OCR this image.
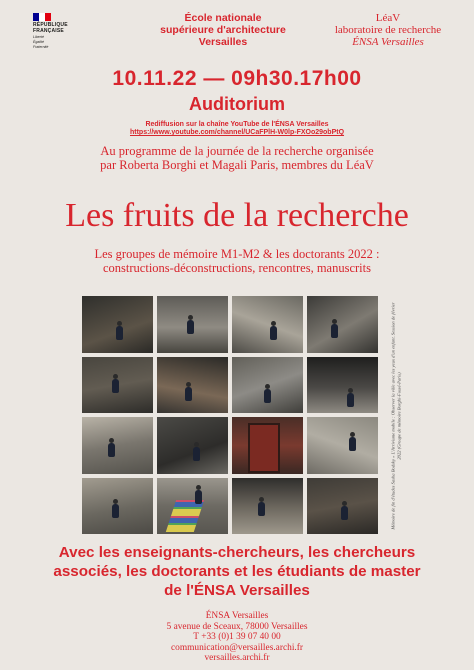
RÉPUBLIQUE
FRANÇAISE
Liberté
Égalité
Fraternité
École nationale
supérieure d'architecture
Versailles
LéaV
laboratoire de recherche
ÉNSA Versailles
10.11.22 — 09h30.17h00
Auditorium
Rediffusion sur la chaîne YouTube de l'ÉNSA Versailles
https://www.youtube.com/channel/UCaFPlH-W0lp-FXOo29obPtQ
Au programme de la journée de la recherche organisée
par Roberta Borghi et Magali Paris, membres du LéaV
Les fruits de la recherche
Les groupes de mémoire M1-M2 & les doctorants 2022 :
constructions-déconstructions, rencontres, manuscrits
Mémoire de fin d'études Sasha Bodsky « L'Arrivisme mobile : Observer la ville avec les yeux d'un enfant. Session de février 2022 (Groupe de mémoire Borghi-Fossé-Paris)
Avec les enseignants-chercheurs, les chercheurs
associés, les doctorants et les étudiants de master
de l'ÉNSA Versailles
ÉNSA Versailles
5 avenue de Sceaux, 78000 Versailles
T +33 (0)1 39 07 40 00
communication@versailles.archi.fr
versailles.archi.fr
